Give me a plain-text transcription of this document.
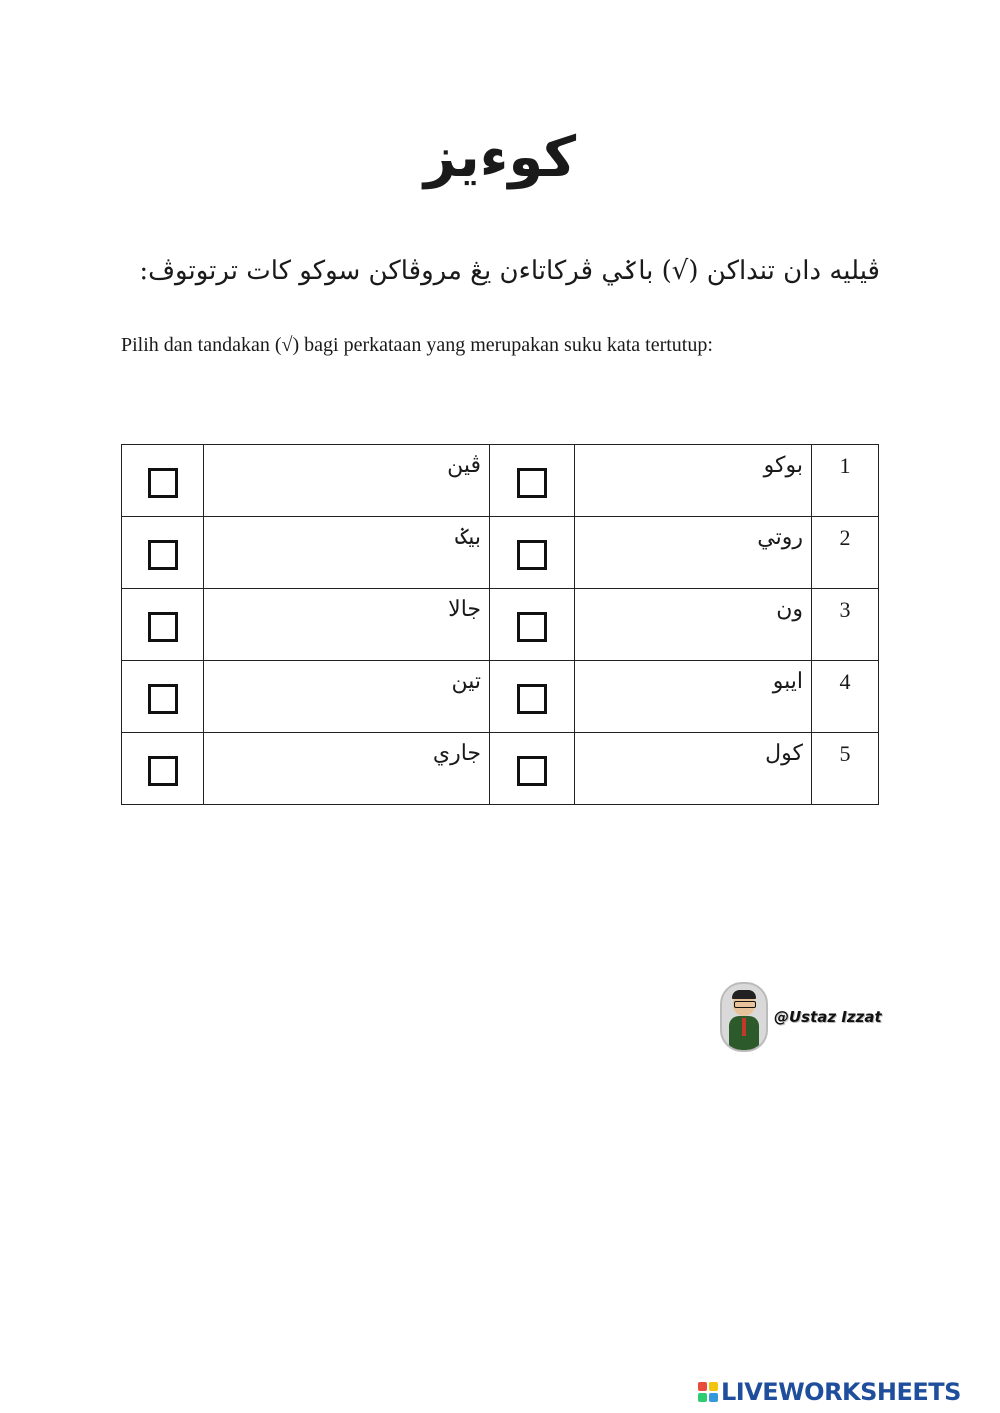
كوءيز
ڤيليه دان تنداکن (√) باݢي ڤرکاتاءن يڠ مروڤاکن سوکو کات ترتوتوڤ:
Pilih dan tandakan (√) bagi perkataan yang merupakan suku kata tertutup:
	ڤين		بوکو	1
	بيݢ		روتي	2
	جالا		ون	3
	تين		ايبو	4
	جاري		کول	5
@Ustaz Izzat
LIVEWORKSHEETS
